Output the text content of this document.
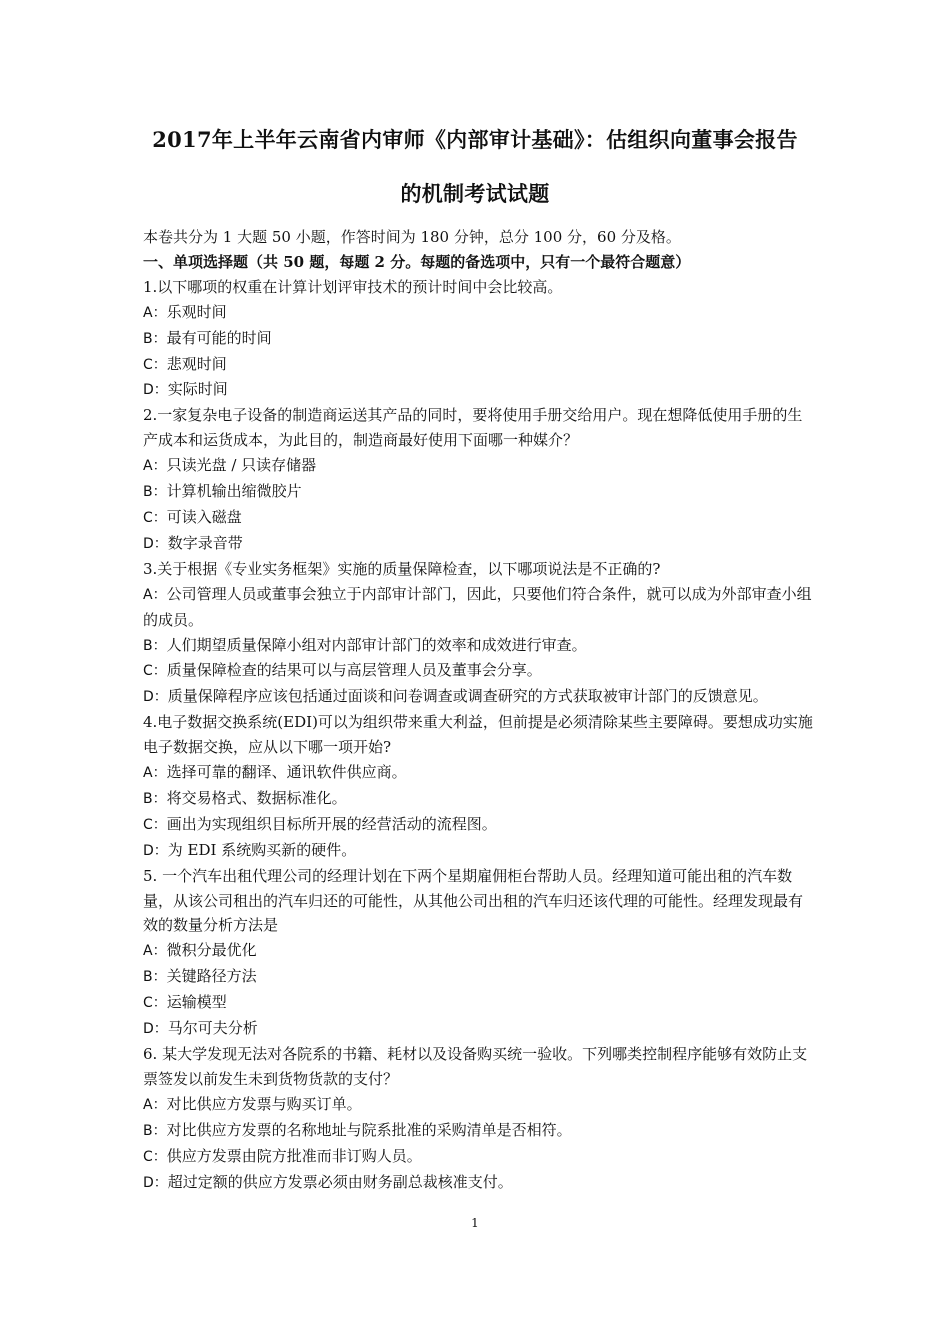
2017年上半年云南省内审师《内部审计基础》：估组织向董事会报告
的机制考试试题

本卷共分为 1 大题 50 小题，作答时间为 180 分钟，总分 100 分，60 分及格。

一、单项选择题（共 50 题，每题 2 分。每题的备选项中，只有一个最符合题意）

1.以下哪项的权重在计算计划评审技术的预计时间中会比较高。

A：乐观时间

B：最有可能的时间

C：悲观时间

D：实际时间

2.一家复杂电子设备的制造商运送其产品的同时，要将使用手册交给用户。现在想降低使用手册的生产成本和运货成本，为此目的，制造商最好使用下面哪一种媒介？

A：只读光盘 / 只读存储器

B：计算机输出缩微胶片

C：可读入磁盘

D：数字录音带

3.关于根据《专业实务框架》实施的质量保障检查，以下哪项说法是不正确的?

A：公司管理人员或董事会独立于内部审计部门，因此，只要他们符合条件，就可以成为外部审查小组的成员。

B：人们期望质量保障小组对内部审计部门的效率和成效进行审查。

C：质量保障检查的结果可以与高层管理人员及董事会分享。

D：质量保障程序应该包括通过面谈和问卷调查或调查研究的方式获取被审计部门的反馈意见。

4.电子数据交换系统(EDI)可以为组织带来重大利益，但前提是必须清除某些主要障碍。要想成功实施电子数据交换，应从以下哪一项开始?

A：选择可靠的翻译、通讯软件供应商。

B：将交易格式、数据标准化。

C：画出为实现组织目标所开展的经营活动的流程图。

D：为 EDI 系统购买新的硬件。

5. 一个汽车出租代理公司的经理计划在下两个星期雇佣柜台帮助人员。经理知道可能出租的汽车数量，从该公司租出的汽车归还的可能性，从其他公司出租的汽车归还该代理的可能性。经理发现最有效的数量分析方法是

A：微积分最优化

B：关键路径方法

C：运输模型

D：马尔可夫分析

6. 某大学发现无法对各院系的书籍、耗材以及设备购买统一验收。下列哪类控制程序能够有效防止支票签发以前发生未到货物货款的支付？

A：对比供应方发票与购买订单。

B：对比供应方发票的名称地址与院系批准的采购清单是否相符。

C：供应方发票由院方批准而非订购人员。

D：超过定额的供应方发票必须由财务副总裁核准支付。

1
